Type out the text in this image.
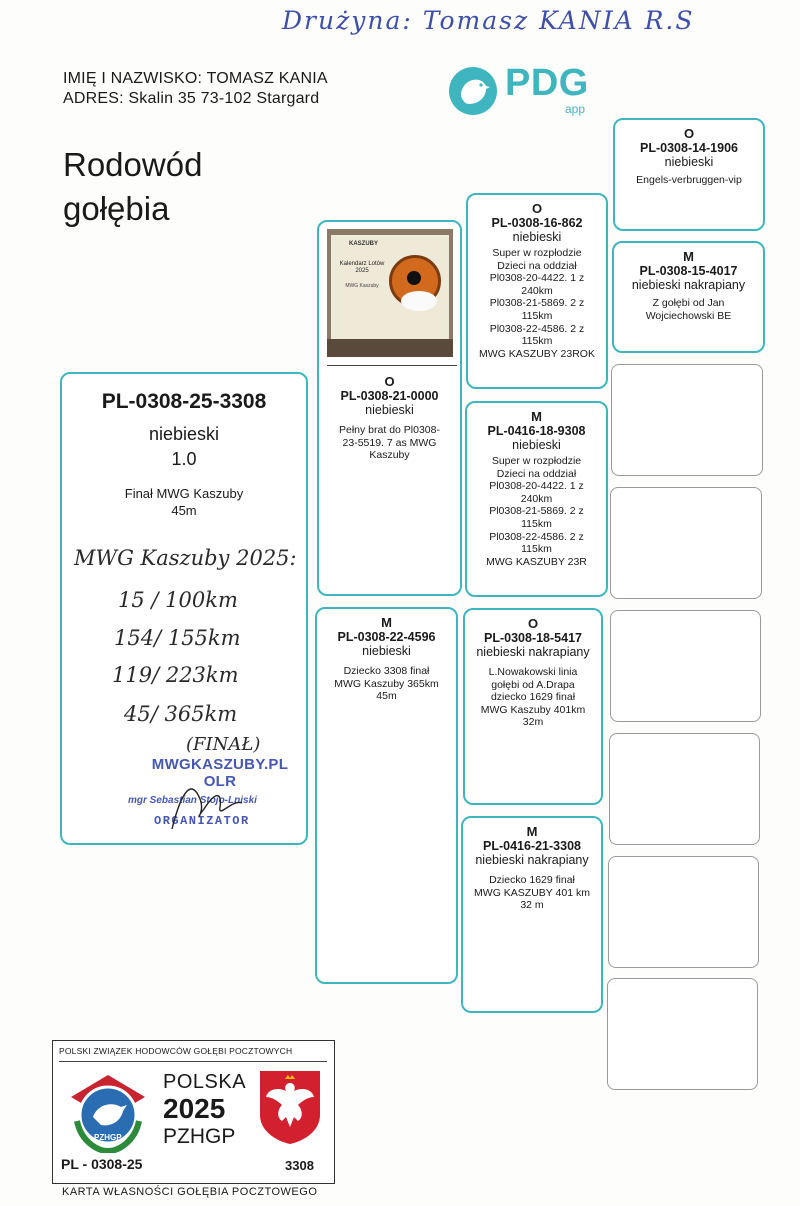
Drużyna: Tomasz KANIA R.S
IMIĘ I NAZWISKO: TOMASZ KANIA
ADRES: Skalin 35 73-102 Stargard	PDG
app
Rodowód
gołębia
PL-0308-25-3308
niebieski
1.0
Finał MWG Kaszuby
45m
MWG Kaszuby 2025:
15 / 100km
154/ 155km
119/ 223km
45/ 365km
(FINAŁ)
MWGKASZUBY.PL OLR
mgr Sebastian Stojo-Lniski
ORGANIZATOR
KASZUBY
Kalendarz Lotów 2025
MWG Kaszuby
O
PL-0308-21-0000
niebieski
Pełny brat do Pl0308-23-5519. 7 as MWG Kaszuby
M
PL-0308-22-4596
niebieski
Dziecko 3308 finał MWG Kaszuby 365km 45m
O
PL-0308-16-862
niebieski
Super w rozpłodzie
Dzieci na oddział
Pl0308-20-4422. 1 z
240km
Pl0308-21-5869. 2 z
115km
Pl0308-22-4586. 2 z
115km
MWG KASZUBY 23ROK
M
PL-0416-18-9308
niebieski
Super w rozpłodzie
Dzieci na oddział
Pl0308-20-4422. 1 z
240km
Pl0308-21-5869. 2 z
115km
Pl0308-22-4586. 2 z
115km
MWG KASZUBY 23R
O
PL-0308-18-5417
niebieski nakrapiany
L.Nowakowski linia
gołębi od A.Drapa
dziecko 1629 finał
MWG Kaszuby 401km
32m
M
PL-0416-21-3308
niebieski nakrapiany
Dziecko 1629 finał
MWG KASZUBY 401 km
32 m
O
PL-0308-14-1906
niebieski
Engels-verbruggen-vip
M
PL-0308-15-4017
niebieski nakrapiany
Z gołębi od Jan Wojciechowski BE
POLSKI ZWIĄZEK HODOWCÓW GOŁĘBI POCZTOWYCH
PZHGP
POLSKA
2025
PZHGP
PL - 0308-25	3308
KARTA WŁASNOŚCI GOŁĘBIA POCZTOWEGO
